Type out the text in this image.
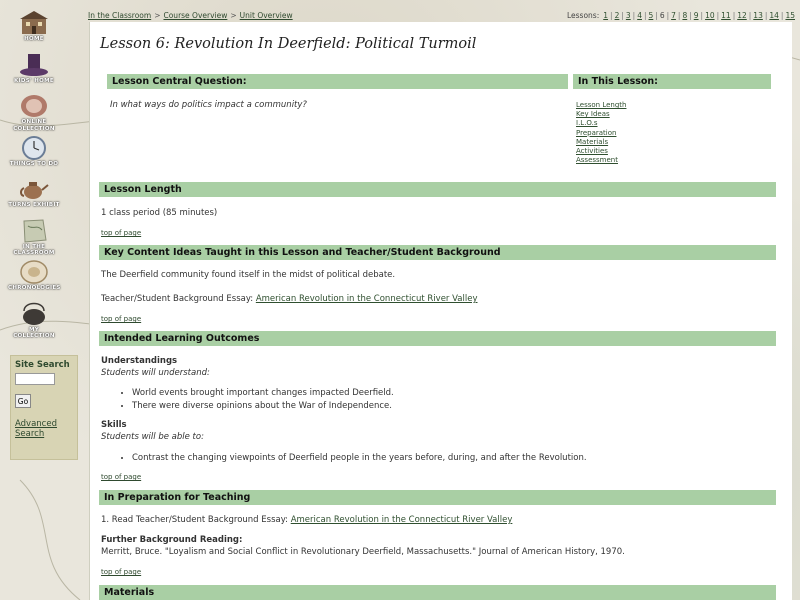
In the Classroom > Course Overview > Unit Overview	Lessons: 1 | 2 | 3 | 4 | 5 | 6 | 7 | 8 | 9 | 10 | 11 | 12 | 13 | 14 | 15
HOME
KIDS' HOME
ONLINE COLLECTION
THINGS TO DO
TURNS EXHIBIT
IN THE CLASSROOM
CHRONOLOGIES
MY COLLECTION
Site Search
Go
Advanced
Search
Lesson 6: Revolution In Deerfield: Political Turmoil
Lesson Central Question:
In what ways do politics impact a community?
In This Lesson:
Lesson Length
Key Ideas
I.L.O.s
Preparation
Materials
Activities
Assessment
Lesson Length
1 class period (85 minutes)
top of page
Key Content Ideas Taught in this Lesson and Teacher/Student Background
The Deerfield community found itself in the midst of political debate.
Teacher/Student Background Essay: American Revolution in the Connecticut River Valley
top of page
Intended Learning Outcomes
Understandings
Students will understand:
• World events brought important changes impacted Deerfield.
• There were diverse opinions about the War of Independence.
Skills
Students will be able to:
• Contrast the changing viewpoints of Deerfield people in the years before, during, and after the Revolution.
top of page
In Preparation for Teaching
1. Read Teacher/Student Background Essay: American Revolution in the Connecticut River Valley
Further Background Reading:
Merritt, Bruce. "Loyalism and Social Conflict in Revolutionary Deerfield, Massachusetts." Journal of American History, 1970.
top of page
Materials
